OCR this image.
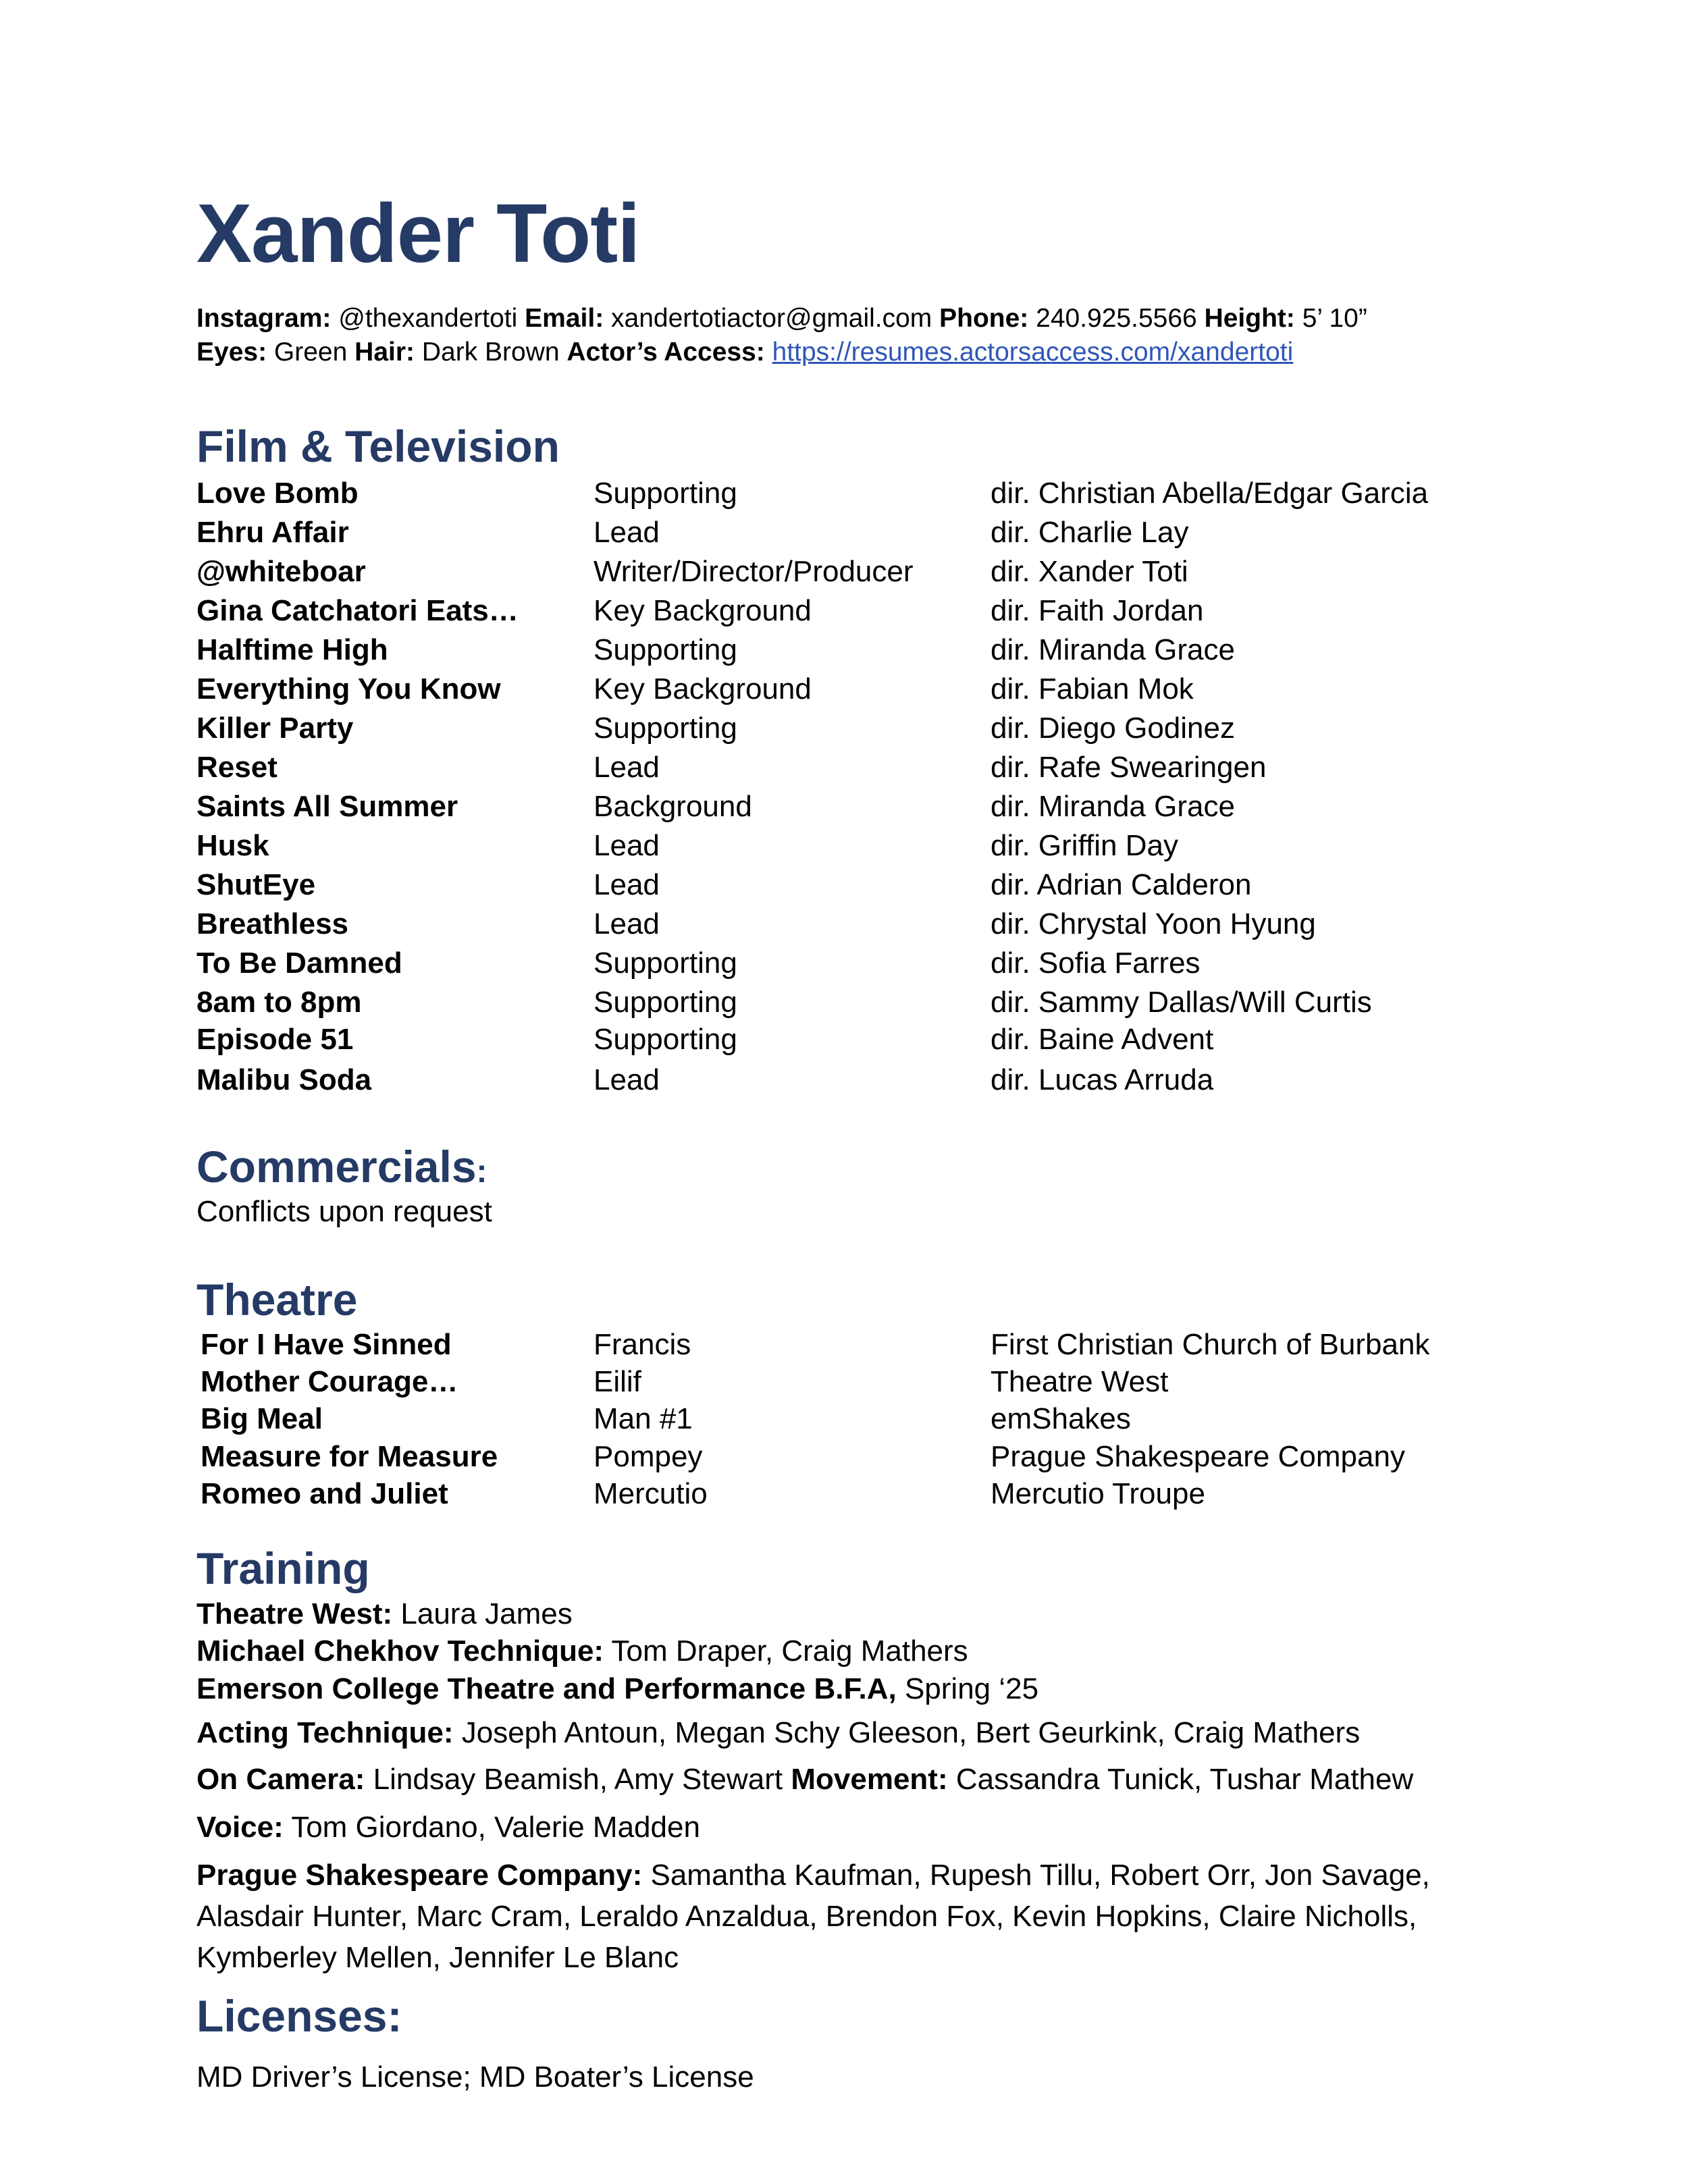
Xander Toti
Instagram: @thexandertoti Email: xandertotiactor@gmail.com Phone: 240.925.5566 Height: 5’ 10”
Eyes: Green Hair: Dark Brown Actor’s Access: https://resumes.actorsaccess.com/xandertoti
Film & Television
Love Bomb	Supporting	dir. Christian Abella/Edgar Garcia
Ehru Affair	Lead	dir. Charlie Lay
@whiteboar	Writer/Director/Producer	dir. Xander Toti
Gina Catchatori Eats…	Key Background	dir. Faith Jordan
Halftime High	Supporting	dir. Miranda Grace
Everything You Know	Key Background	dir. Fabian Mok
Killer Party	Supporting	dir. Diego Godinez
Reset	Lead	dir. Rafe Swearingen
Saints All Summer	Background	dir. Miranda Grace
Husk	Lead	dir. Griffin Day
ShutEye	Lead	dir. Adrian Calderon
Breathless	Lead	dir. Chrystal Yoon Hyung
To Be Damned	Supporting	dir. Sofia Farres
8am to 8pm	Supporting	dir. Sammy Dallas/Will Curtis
Episode 51	Supporting	dir. Baine Advent
Malibu Soda	Lead	dir. Lucas Arruda
Commercials:
Conflicts upon request
Theatre
For I Have Sinned	Francis	First Christian Church of Burbank
Mother Courage…	Eilif	Theatre West
Big Meal	Man #1	emShakes
Measure for Measure	Pompey	Prague Shakespeare Company
Romeo and Juliet	Mercutio	Mercutio Troupe
Training
Theatre West: Laura James
Michael Chekhov Technique: Tom Draper, Craig Mathers
Emerson College Theatre and Performance B.F.A, Spring ‘25
Acting Technique: Joseph Antoun, Megan Schy Gleeson, Bert Geurkink, Craig Mathers
On Camera: Lindsay Beamish, Amy Stewart Movement: Cassandra Tunick, Tushar Mathew
Voice: Tom Giordano, Valerie Madden
Prague Shakespeare Company: Samantha Kaufman, Rupesh Tillu, Robert Orr, Jon Savage,
Alasdair Hunter, Marc Cram, Leraldo Anzaldua, Brendon Fox, Kevin Hopkins, Claire Nicholls,
Kymberley Mellen, Jennifer Le Blanc
Licenses:
MD Driver’s License; MD Boater’s License
